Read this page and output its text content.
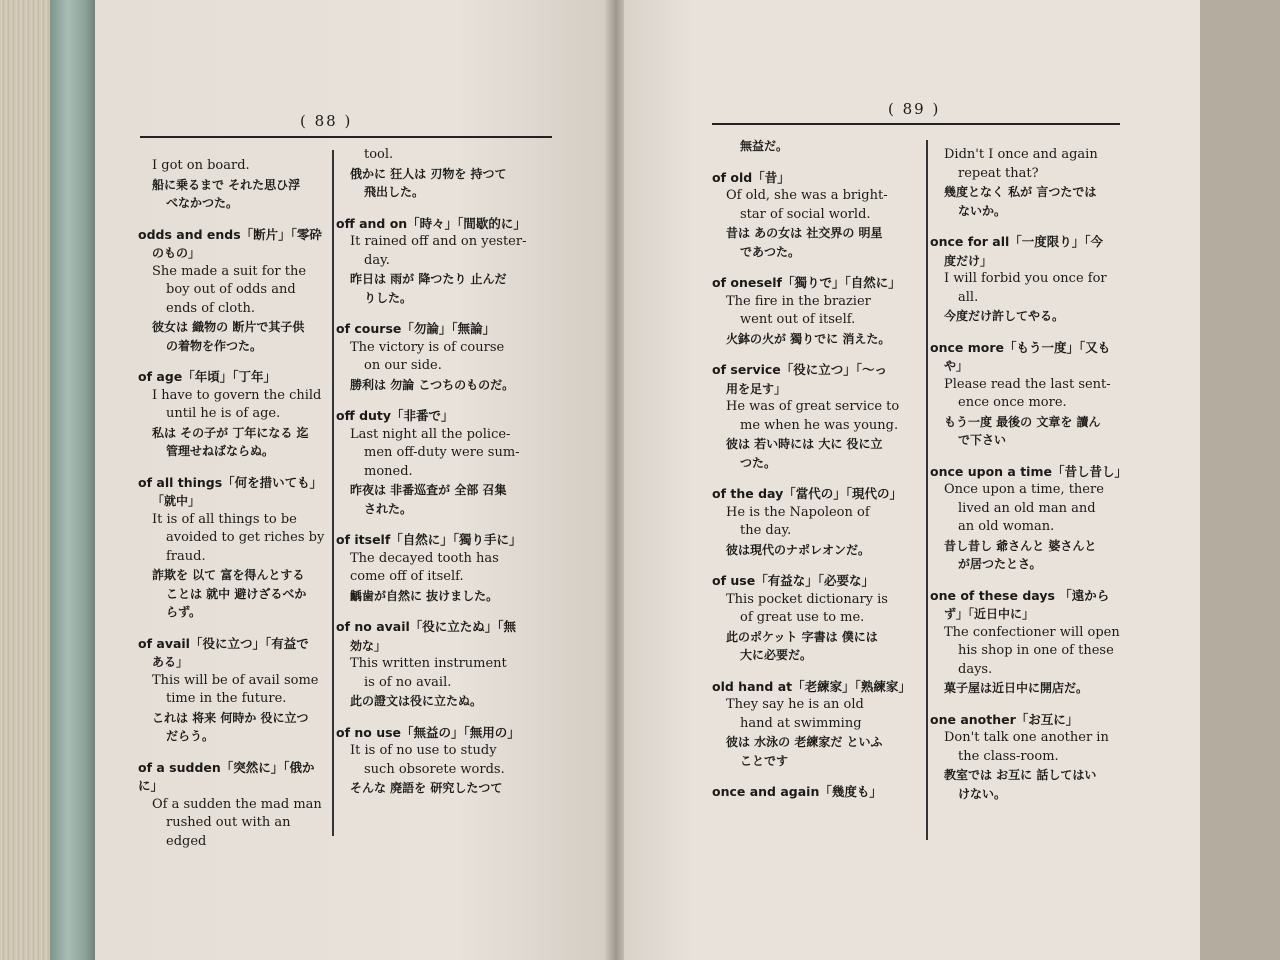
( 88 )
I got on board.
船に乗るまで それた思ひ浮
べなかつた。
odds and ends「断片」「零砕
のもの」
She made a suit for the
boy out of odds and
ends of cloth.
彼女は 織物の 断片で其子供
の着物を作つた。
of age「年頃」「丁年」
I have to govern the child
until he is of age.
私は その子が 丁年になる 迄
管理せねばならぬ。
of all things「何を措いても」
「就中」
It is of all things to be
avoided to get riches by
fraud.
詐欺を 以て 富を得んとする
ことは 就中 避けざるべか
らず。
of avail「役に立つ」「有益で
ある」
This will be of avail some
time in the future.
これは 将来 何時か 役に立つ
だらう。
of a sudden「突然に」「俄かに」
Of a sudden the mad man
rushed out with an edged
tool.
俄かに 狂人は 刃物を 持つて
飛出した。
off and on「時々」「間歇的に」
It rained off and on yester-
day.
昨日は 雨が 降つたり 止んだ
りした。
of course「勿論」「無論」
The victory is of course
on our side.
勝利は 勿論 こつちのものだ。
off duty「非番で」
Last night all the police-
men off-duty were sum-
moned.
昨夜は 非番巡査が 全部 召集
された。
of itself「自然に」「獨り手に」
The decayed tooth has
come off of itself.
齲歯が自然に 抜けました。
of no avail「役に立たぬ」「無
効な」
This written instrument
is of no avail.
此の證文は役に立たぬ。
of no use「無益の」「無用の」
It is of no use to study
such obsorete words.
そんな 廃語を 研究したつて
( 89 )
無益だ。
of old「昔」
Of old, she was a bright-
star of social world.
昔は あの女は 社交界の 明星
であつた。
of oneself「獨りで」「自然に」
The fire in the brazier
went out of itself.
火鉢の火が 獨りでに 消えた。
of service「役に立つ」「～っ
用を足す」
He was of great service to
me when he was young.
彼は 若い時には 大に 役に立
つた。
of the day「當代の」「現代の」
He is the Napoleon of
the day.
彼は現代のナポレオンだ。
of use「有益な」「必要な」
This pocket dictionary is
of great use to me.
此のポケット 字書は 僕には
大に必要だ。
old hand at「老練家」「熟練家」
They say he is an old
hand at swimming
彼は 水泳の 老練家だ といふ
ことです
once and again「幾度も」
Didn't I once and again
repeat that?
幾度となく 私が 言つたでは
ないか。
once for all「一度限り」「今
度だけ」
I will forbid you once for
all.
今度だけ許してやる。
once more「もう一度」「又も
や」
Please read the last sent-
ence once more.
もう一度 最後の 文章を 讀ん
で下さい
once upon a time「昔し昔し」
Once upon a time, there
lived an old man and
an old woman.
昔し昔し 爺さんと 婆さんと
が居つたとさ。
one of these days 「遠から
ず」「近日中に」
The confectioner will open
his shop in one of these
days.
菓子屋は近日中に開店だ。
one another「お互に」
Don't talk one another in
the class-room.
教室では お互に 話してはい
けない。
